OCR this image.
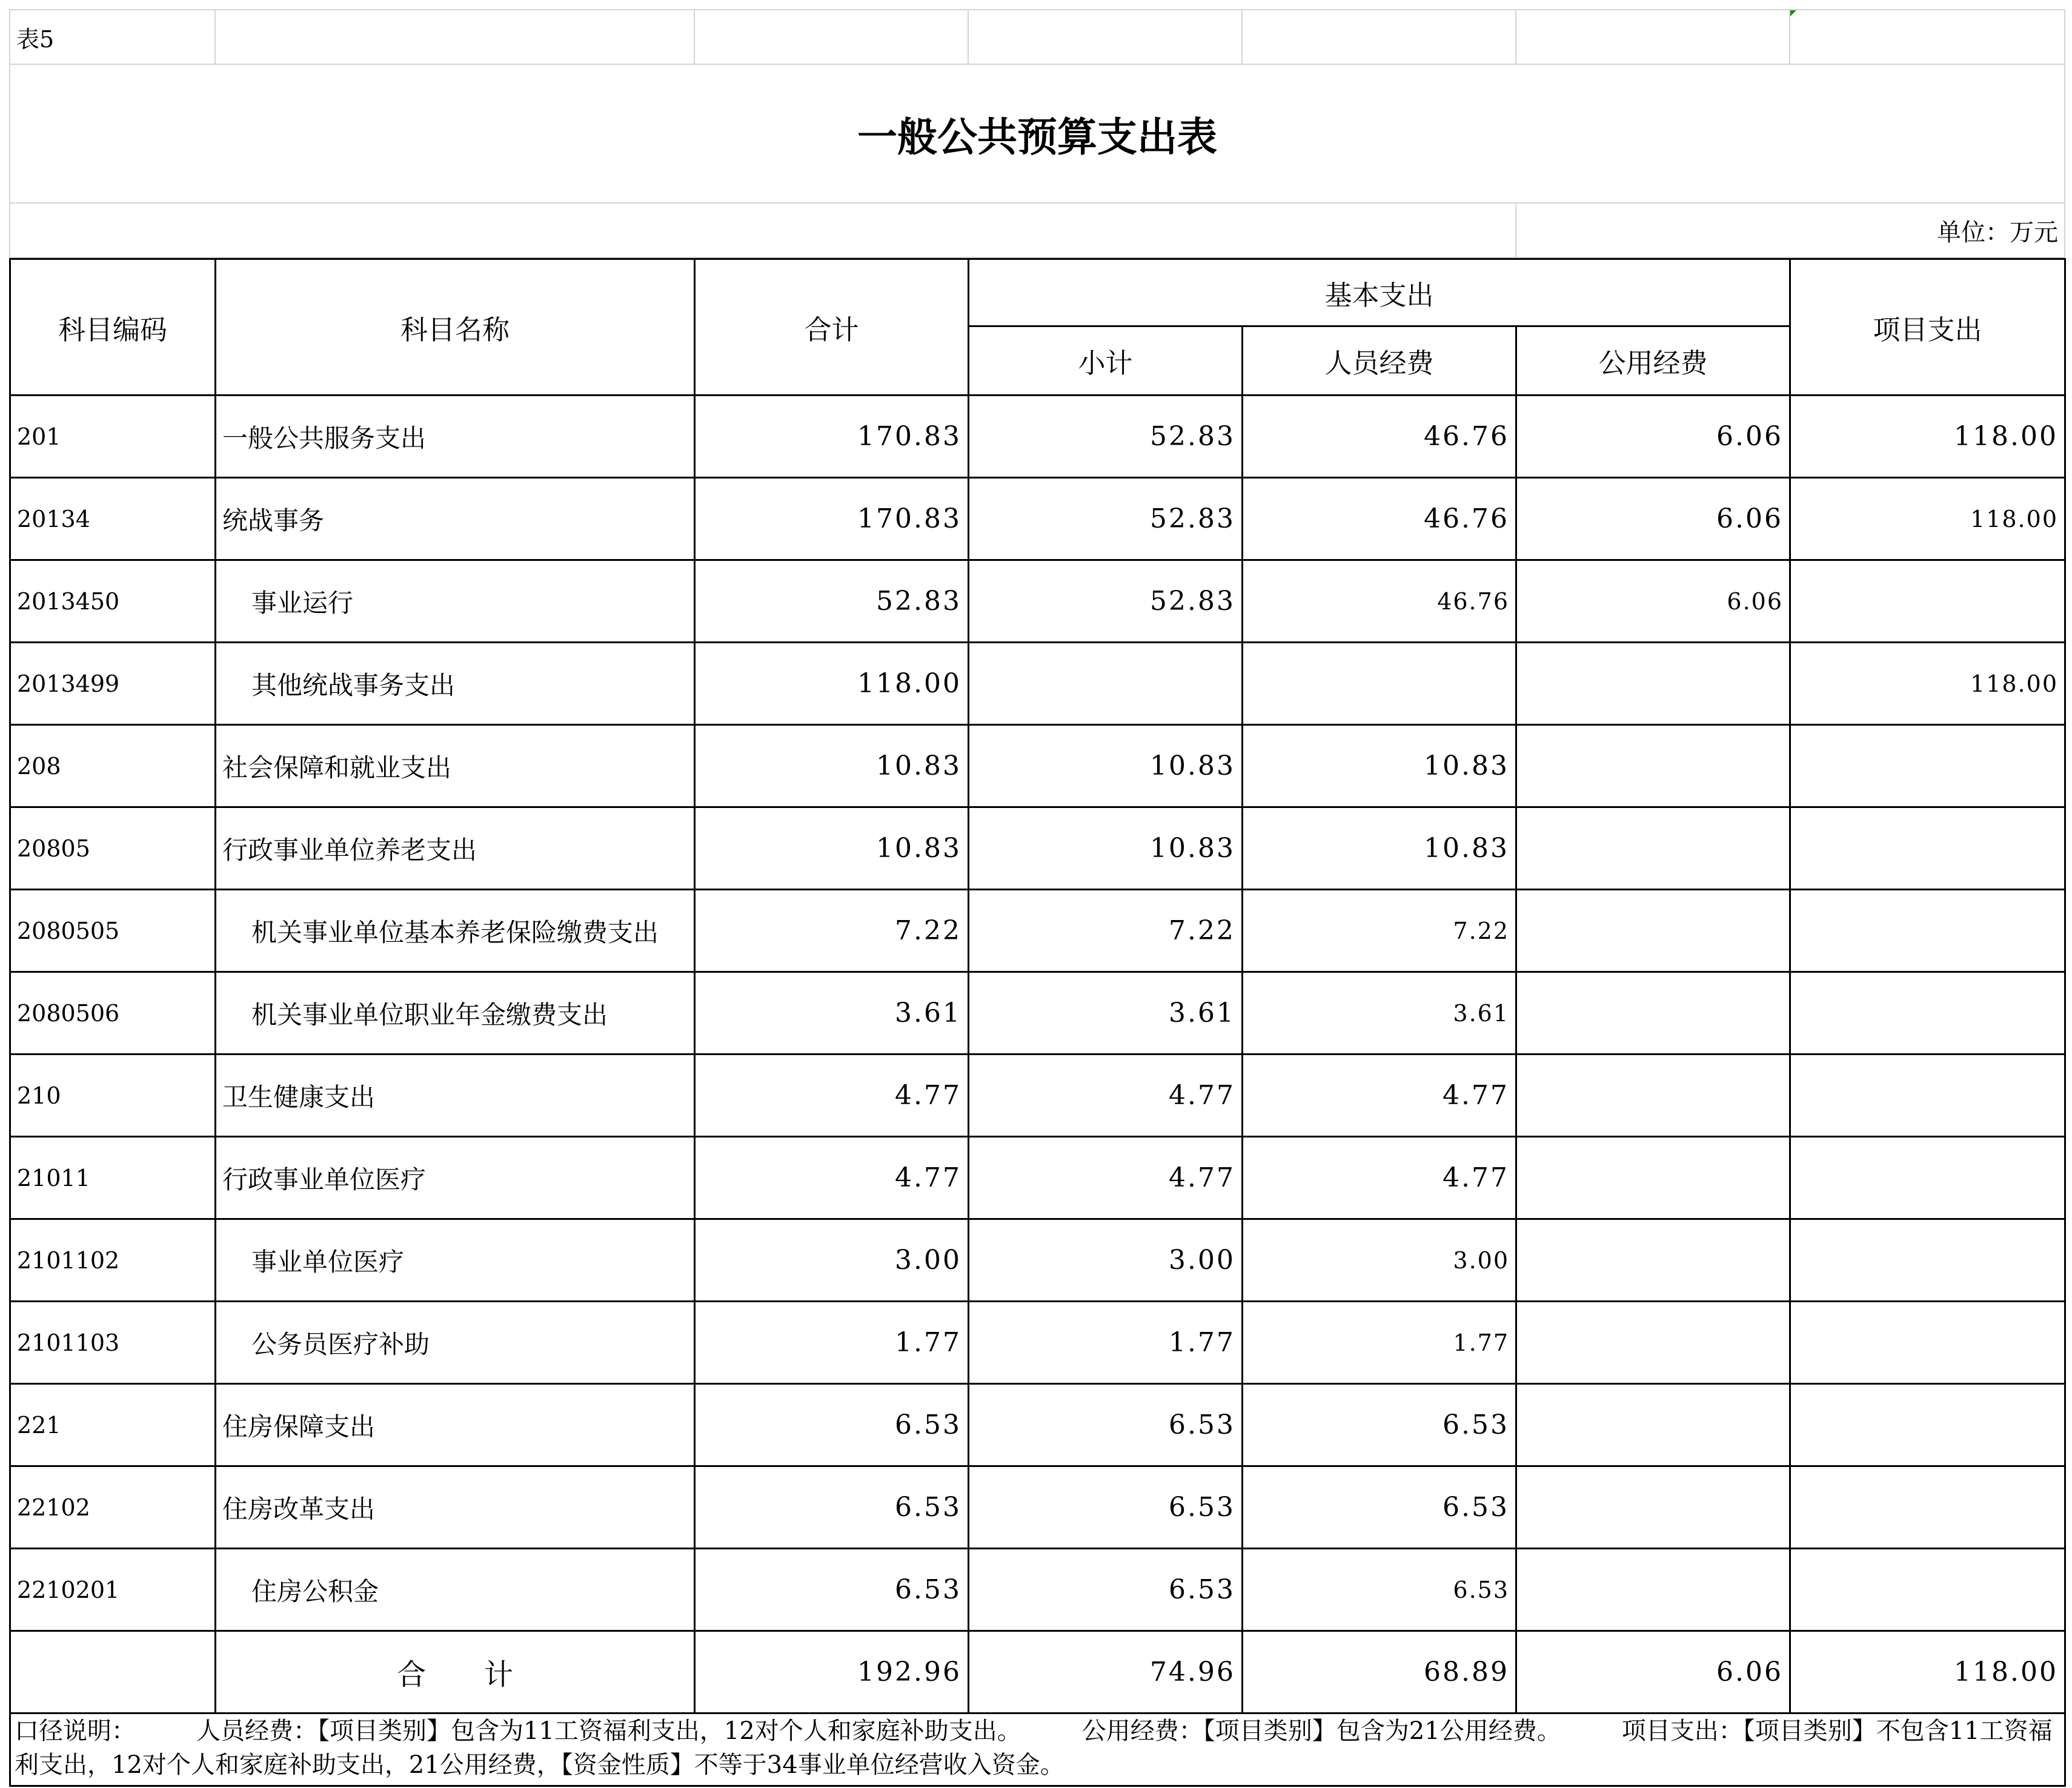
表5						

一般公共预算支出表						
					单位：万元	
科目编码	科目名称	合计	基本支出			项目支出
			小计	人员经费	公用经费	
201	一般公共服务支出	170.83	52.83	46.76	6.06	118.00
20134	统战事务	170.83	52.83	46.76	6.06	118.00
2013450	事业运行	52.83	52.83	46.76	6.06	
2013499	其他统战事务支出	118.00				118.00
208	社会保障和就业支出	10.83	10.83	10.83		
20805	行政事业单位养老支出	10.83	10.83	10.83		
2080505	机关事业单位基本养老保险缴费支出	7.22	7.22	7.22		
2080506	机关事业单位职业年金缴费支出	3.61	3.61	3.61		
210	卫生健康支出	4.77	4.77	4.77		
21011	行政事业单位医疗	4.77	4.77	4.77		
2101102	事业单位医疗	3.00	3.00	3.00		
2101103	公务员医疗补助	1.77	1.77	1.77		
221	住房保障支出	6.53	6.53	6.53		
22102	住房改革支出	6.53	6.53	6.53		
2210201	住房公积金	6.53	6.53	6.53		
	合　　计	192.96	74.96	68.89	6.06	118.00
口径说明：　　　人员经费：【项目类别】包含为11工资福利支出，12对个人和家庭补助支出。　　　公用经费：【项目类别】包含为21公用经费。　　　项目支出：【项目类别】不包含11工资福利支出，12对个人和家庭补助支出，21公用经费，【资金性质】不等于34事业单位经营收入资金。						
